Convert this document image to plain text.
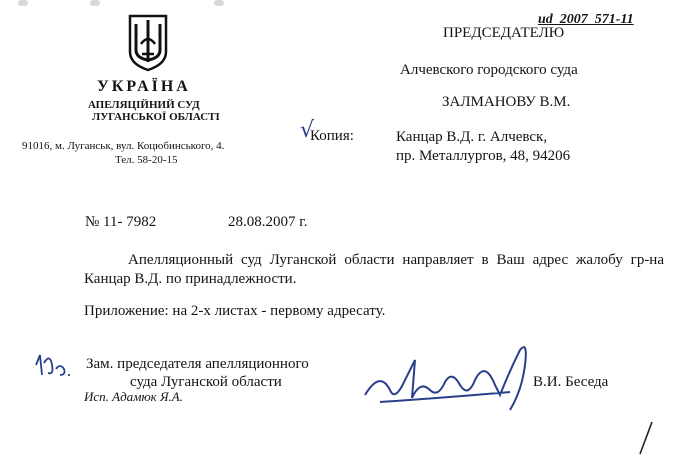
УКРАЇНА
АПЕЛЯЦІЙНИЙ СУД
ЛУГАНСЬКОЇ ОБЛАСТІ
91016, м. Луганськ, вул. Коцюбинського, 4.
Тел. 58-20-15
ПРЕДСЕДАТЕЛЮ
ud_2007_571-11
Алчевского городского суда
ЗАЛМАНОВУ В.М.
√
Копия:	Канцар В.Д. г. Алчевск,
пр. Металлургов, 48, 94206
№ 11- 7982	28.08.2007 г.
Апелляционный суд Луганской области направляет в Ваш адрес жалобу гр-на Канцар В.Д. по принадлежности.
Приложение: на 2-х листах - первому адресату.
Зам. председателя апелляционного
суда Луганской области
Исп. Адамюк Я.А.
В.И. Беседа
